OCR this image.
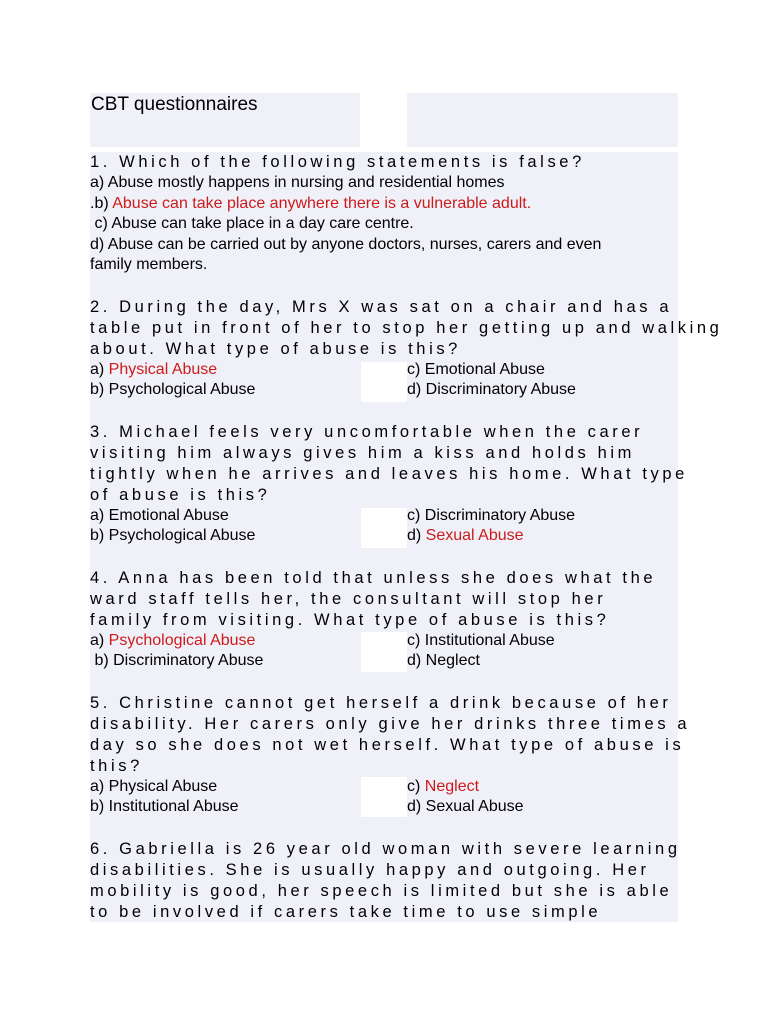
CBT questionnaires
1. Which of the following statements is false?
a) Abuse mostly happens in nursing and residential homes
.b) Abuse can take place anywhere there is a vulnerable adult.
c) Abuse can take place in a day care centre.
d) Abuse can be carried out by anyone doctors, nurses, carers and even
family members.
2. During the day, Mrs X was sat on a chair and has a
table put in front of her to stop her getting up and walking
about. What type of abuse is this?
a) Physical Abuse	c) Emotional Abuse
b) Psychological Abuse	d) Discriminatory Abuse
3. Michael feels very uncomfortable when the carer
visiting him always gives him a kiss and holds him
tightly when he arrives and leaves his home. What type
of abuse is this?
a) Emotional Abuse	c) Discriminatory Abuse
b) Psychological Abuse	d) Sexual Abuse
4. Anna has been told that unless she does what the
ward staff tells her, the consultant will stop her
family from visiting. What type of abuse is this?
a) Psychological Abuse	c) Institutional Abuse
b) Discriminatory Abuse	d) Neglect
5. Christine cannot get herself a drink because of her
disability. Her carers only give her drinks three times a
day so she does not wet herself. What type of abuse is
this?
a) Physical Abuse	c) Neglect
b) Institutional Abuse	d) Sexual Abuse
6. Gabriella is 26 year old woman with severe learning
disabilities. She is usually happy and outgoing. Her
mobility is good, her speech is limited but she is able
to be involved if carers take time to use simple
